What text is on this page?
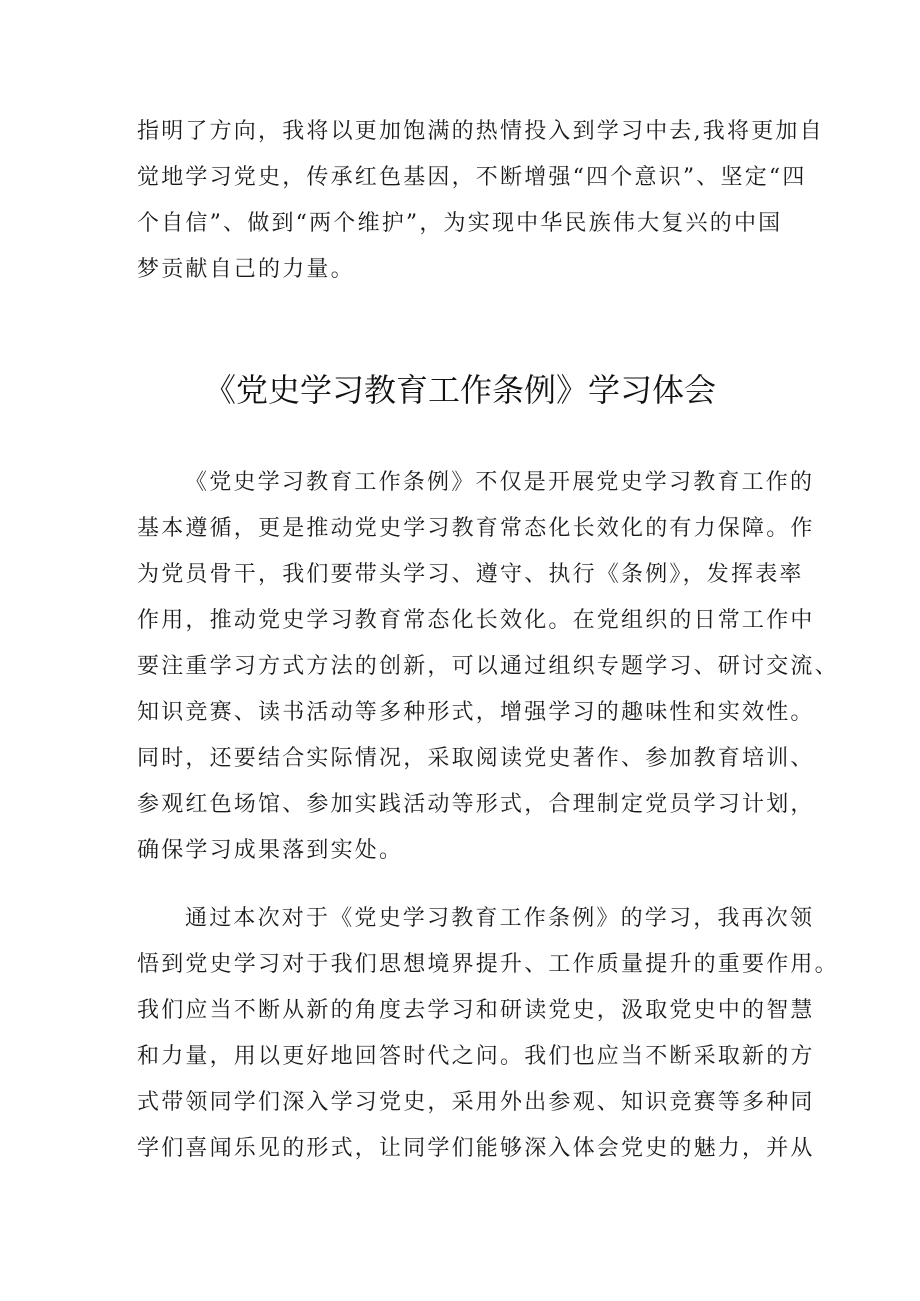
指明了方向，我将以更加饱满的热情投入到学习中去,我将更加自
觉地学习党史，传承红色基因，不断增强“四个意识”、坚定“四
个自信”、做到“两个维护”，为实现中华民族伟大复兴的中国
梦贡献自己的力量。
《党史学习教育工作条例》学习体会
《党史学习教育工作条例》不仅是开展党史学习教育工作的
基本遵循，更是推动党史学习教育常态化长效化的有力保障。作
为党员骨干，我们要带头学习、遵守、执行《条例》，发挥表率
作用，推动党史学习教育常态化长效化。在党组织的日常工作中
要注重学习方式方法的创新，可以通过组织专题学习、研讨交流、
知识竞赛、读书活动等多种形式，增强学习的趣味性和实效性。
同时，还要结合实际情况，采取阅读党史著作、参加教育培训、
参观红色场馆、参加实践活动等形式，合理制定党员学习计划，
确保学习成果落到实处。
通过本次对于《党史学习教育工作条例》的学习，我再次领
悟到党史学习对于我们思想境界提升、工作质量提升的重要作用。
我们应当不断从新的角度去学习和研读党史，汲取党史中的智慧
和力量，用以更好地回答时代之问。我们也应当不断采取新的方
式带领同学们深入学习党史，采用外出参观、知识竞赛等多种同
学们喜闻乐见的形式，让同学们能够深入体会党史的魅力，并从
